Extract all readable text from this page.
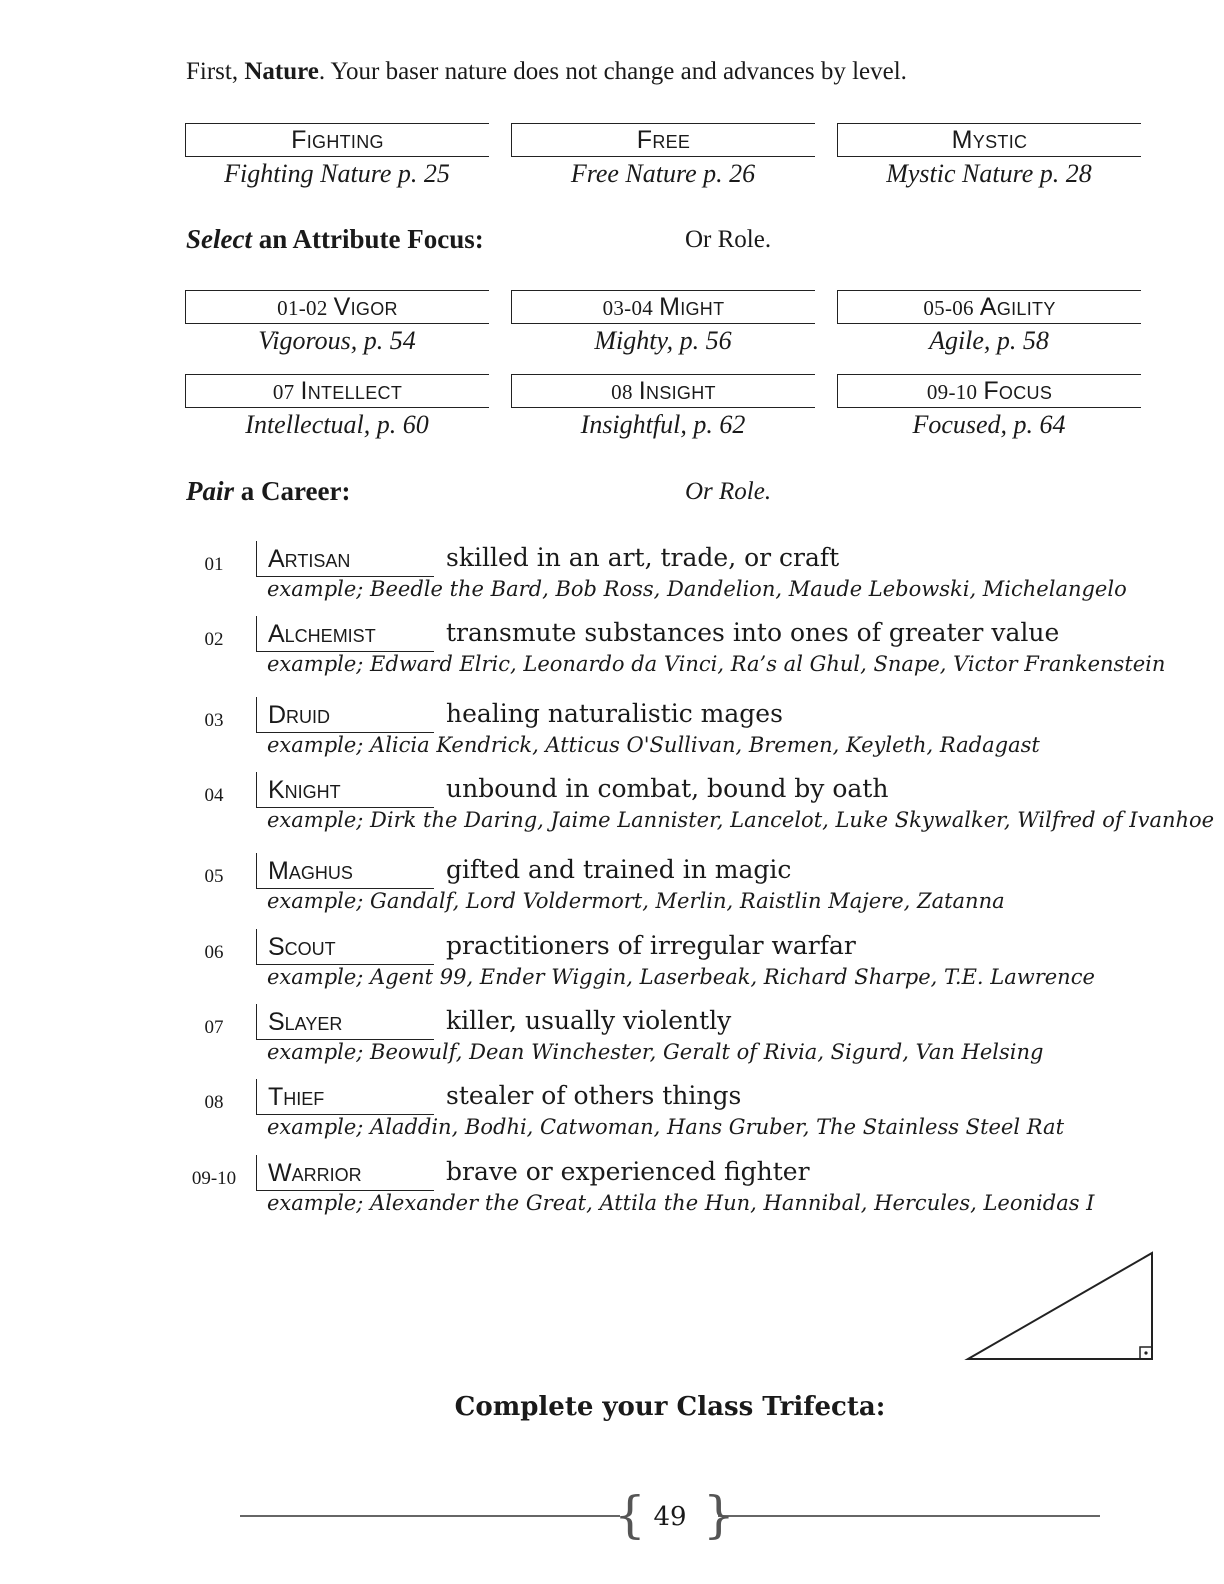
First, Nature. Your baser nature does not change and advances by level.
Fighting
Fighting Nature p. 25
Free
Free Nature p. 26
Mystic
Mystic Nature p. 28
Select an Attribute Focus:	Or Role.
01-02 Vigor
Vigorous, p. 54
03-04 Might
Mighty, p. 56
05-06 Agility
Agile, p. 58
07 Intellect
Intellectual, p. 60
08 Insight
Insightful, p. 62
09-10 Focus
Focused, p. 64
Pair a Career:	Or Role.
01	Artisan	skilled in an art, trade, or craft
example; Beedle the Bard, Bob Ross, Dandelion, Maude Lebowski, Michelangelo
02	Alchemist	transmute substances into ones of greater value
example; Edward Elric, Leonardo da Vinci, Ra’s al Ghul, Snape, Victor Frankenstein
03	Druid	healing naturalistic mages
example; Alicia Kendrick, Atticus O'Sullivan, Bremen, Keyleth, Radagast
04	Knight	unbound in combat, bound by oath
example; Dirk the Daring, Jaime Lannister, Lancelot, Luke Skywalker, Wilfred of Ivanhoe
05	Maghus	gifted and trained in magic
example; Gandalf, Lord Voldermort, Merlin, Raistlin Majere, Zatanna
06	Scout	practitioners of irregular warfar
example; Agent 99, Ender Wiggin, Laserbeak, Richard Sharpe, T.E. Lawrence
07	Slayer	killer, usually violently
example; Beowulf, Dean Winchester, Geralt of Rivia, Sigurd, Van Helsing
08	Thief	stealer of others things
example; Aladdin, Bodhi, Catwoman, Hans Gruber, The Stainless Steel Rat
09-10	Warrior	brave or experienced fighter
example; Alexander the Great, Attila the Hun, Hannibal, Hercules, Leonidas I
Complete your Class Trifecta:
{ }
49
